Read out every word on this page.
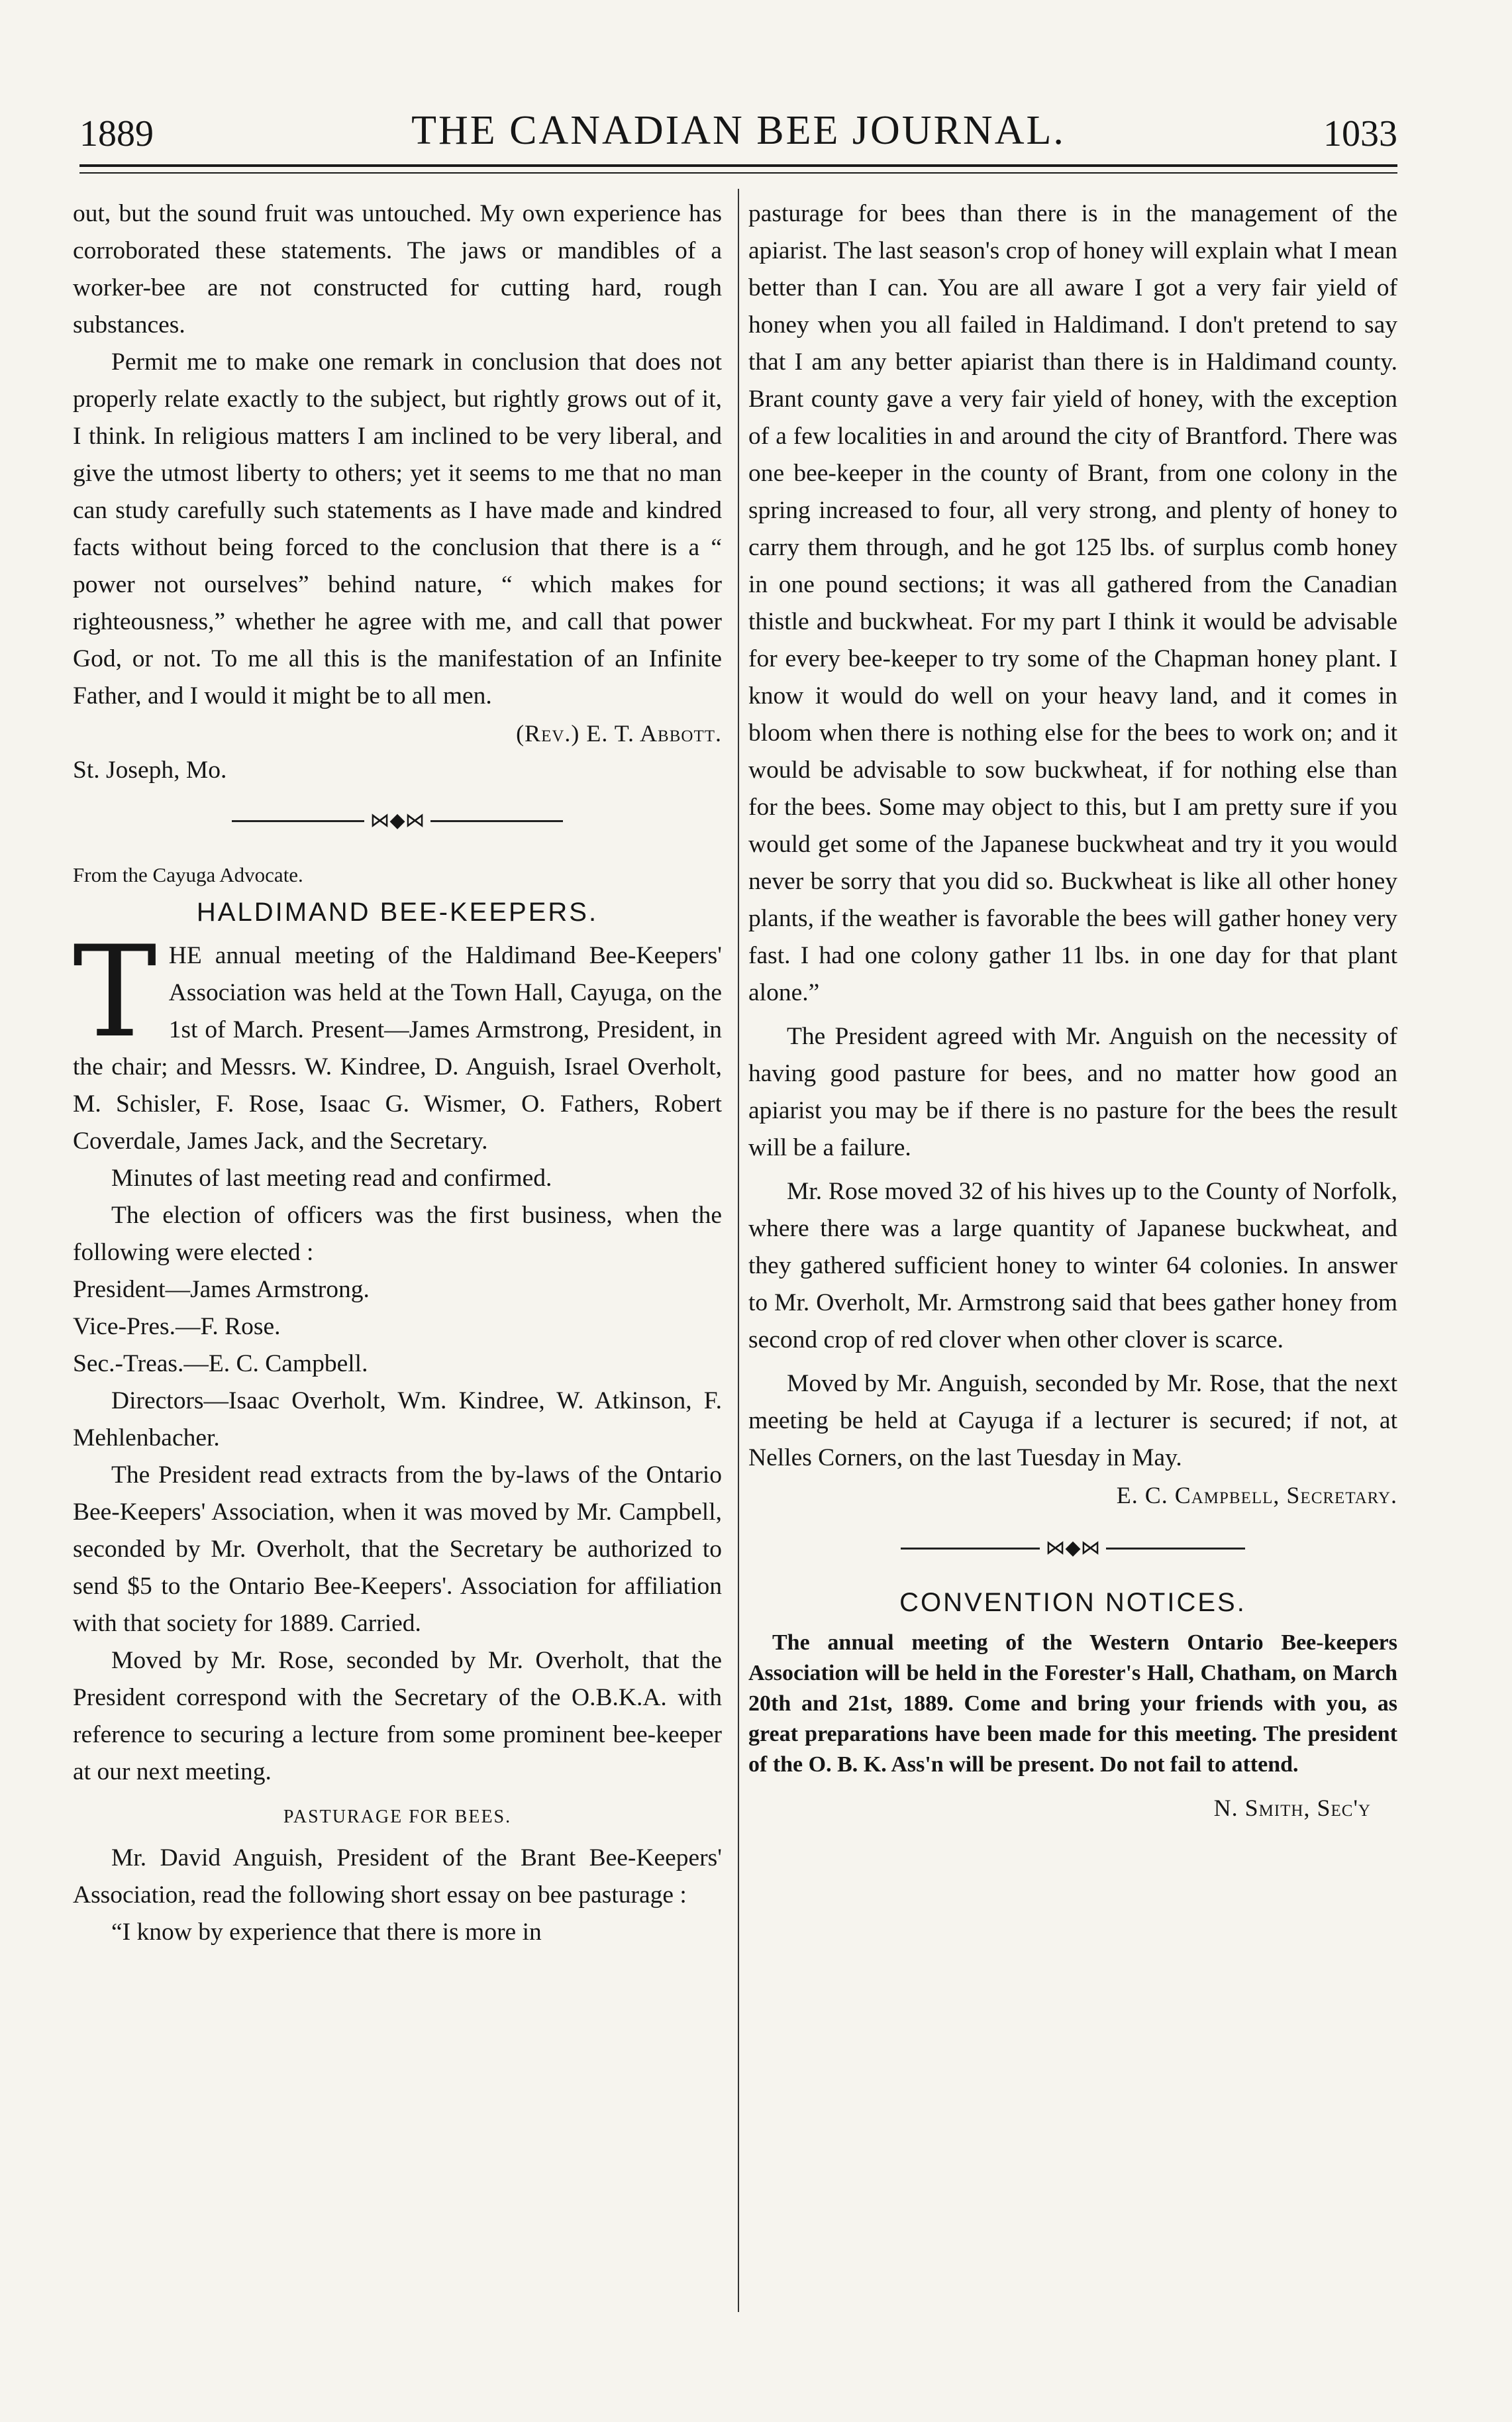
1889	THE CANADIAN BEE JOURNAL.	1033

out, but the sound fruit was untouched. My own experience has corroborated these statements. The jaws or mandibles of a worker-bee are not constructed for cutting hard, rough substances.

Permit me to make one remark in conclusion that does not properly relate exactly to the subject, but rightly grows out of it, I think. In religious matters I am inclined to be very liberal, and give the utmost liberty to others; yet it seems to me that no man can study carefully such statements as I have made and kindred facts without being forced to the conclusion that there is a “ power not ourselves” behind nature, “ which makes for righteousness,” whether he agree with me, and call that power God, or not. To me all this is the manifestation of an Infinite Father, and I would it might be to all men.

(Rev.) E. T. Abbott.

St. Joseph, Mo.

⋈◆⋈

From the Cayuga Advocate.

HALDIMAND BEE-KEEPERS.

THE annual meeting of the Haldimand Bee-Keepers' Association was held at the Town Hall, Cayuga, on the 1st of March. Present—James Armstrong, President, in the chair; and Messrs. W. Kindree, D. Anguish, Israel Overholt, M. Schisler, F. Rose, Isaac G. Wismer, O. Fathers, Robert Coverdale, James Jack, and the Secretary.

Minutes of last meeting read and confirmed.

The election of officers was the first business, when the following were elected :

President—James Armstrong.

Vice-Pres.—F. Rose.

Sec.-Treas.—E. C. Campbell.

Directors—Isaac Overholt, Wm. Kindree, W. Atkinson, F. Mehlenbacher.

The President read extracts from the by-laws of the Ontario Bee-Keepers' Association, when it was moved by Mr. Campbell, seconded by Mr. Overholt, that the Secretary be authorized to send $5 to the Ontario Bee-Keepers'. Association for affiliation with that society for 1889. Carried.

Moved by Mr. Rose, seconded by Mr. Overholt, that the President correspond with the Secretary of the O.B.K.A. with reference to securing a lecture from some prominent bee-keeper at our next meeting.

PASTURAGE FOR BEES.

Mr. David Anguish, President of the Brant Bee-Keepers' Association, read the following short essay on bee pasturage :

“I know by experience that there is more in

pasturage for bees than there is in the management of the apiarist. The last season's crop of honey will explain what I mean better than I can. You are all aware I got a very fair yield of honey when you all failed in Haldimand. I don't pretend to say that I am any better apiarist than there is in Haldimand county. Brant county gave a very fair yield of honey, with the exception of a few localities in and around the city of Brantford. There was one bee-keeper in the county of Brant, from one colony in the spring increased to four, all very strong, and plenty of honey to carry them through, and he got 125 lbs. of surplus comb honey in one pound sections; it was all gathered from the Canadian thistle and buckwheat. For my part I think it would be advisable for every bee-keeper to try some of the Chapman honey plant. I know it would do well on your heavy land, and it comes in bloom when there is nothing else for the bees to work on; and it would be advisable to sow buckwheat, if for nothing else than for the bees. Some may object to this, but I am pretty sure if you would get some of the Japanese buckwheat and try it you would never be sorry that you did so. Buckwheat is like all other honey plants, if the weather is favorable the bees will gather honey very fast. I had one colony gather 11 lbs. in one day for that plant alone.”

The President agreed with Mr. Anguish on the necessity of having good pasture for bees, and no matter how good an apiarist you may be if there is no pasture for the bees the result will be a failure.

Mr. Rose moved 32 of his hives up to the County of Norfolk, where there was a large quantity of Japanese buckwheat, and they gathered sufficient honey to winter 64 colonies. In answer to Mr. Overholt, Mr. Armstrong said that bees gather honey from second crop of red clover when other clover is scarce.

Moved by Mr. Anguish, seconded by Mr. Rose, that the next meeting be held at Cayuga if a lecturer is secured; if not, at Nelles Corners, on the last Tuesday in May.

E. C. Campbell, Secretary.

⋈◆⋈
CONVENTION NOTICES.

The annual meeting of the Western Ontario Bee-keepers Association will be held in the Forester's Hall, Chatham, on March 20th and 21st, 1889. Come and bring your friends with you, as great preparations have been made for this meeting. The president of the O. B. K. Ass'n will be present. Do not fail to attend.

N. Smith, Sec'y
